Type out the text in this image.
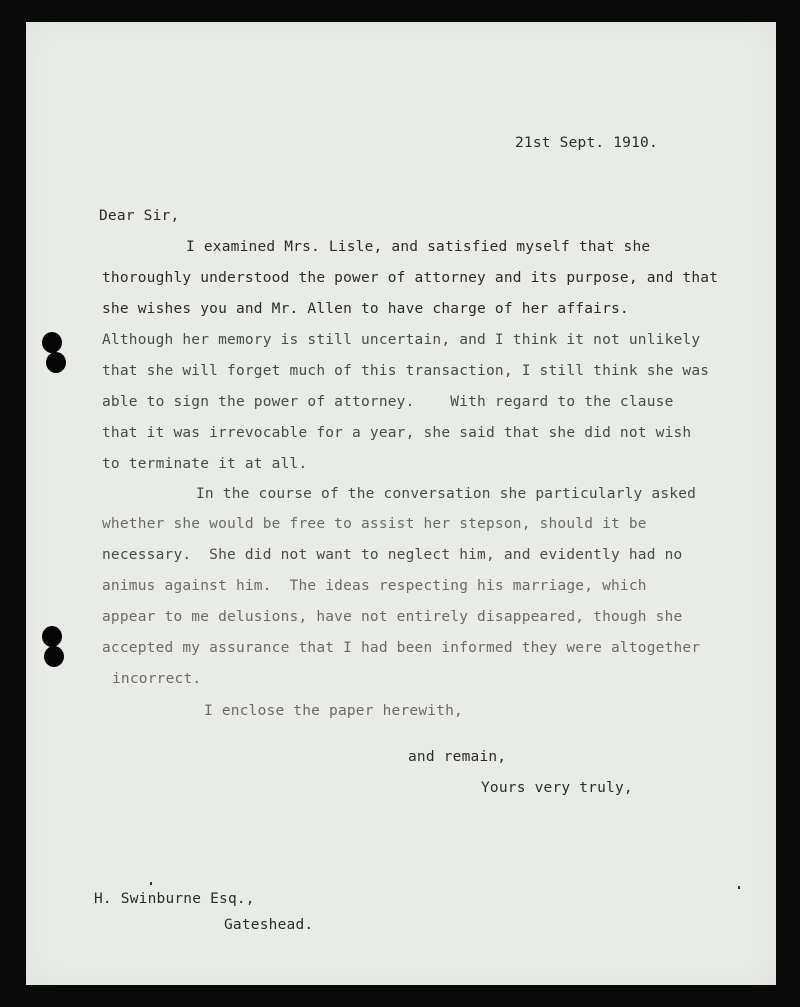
21st Sept. 1910.
Dear Sir,
I examined Mrs. Lisle, and satisfied myself that she
thoroughly understood the power of attorney and its purpose, and that
she wishes you and Mr. Allen to have charge of her affairs.
Although her memory is still uncertain, and I think it not unlikely
that she will forget much of this transaction, I still think she was
able to sign the power of attorney.    With regard to the clause
that it was irrevocable for a year, she said that she did not wish
to terminate it at all.
In the course of the conversation she particularly asked
whether she would be free to assist her stepson, should it be
necessary.  She did not want to neglect him, and evidently had no
animus against him.  The ideas respecting his marriage, which
appear to me delusions, have not entirely disappeared, though she
accepted my assurance that I had been informed they were altogether
incorrect.
I enclose the paper herewith,
and remain,
Yours very truly,
H. Swinburne Esq.,
Gateshead.
